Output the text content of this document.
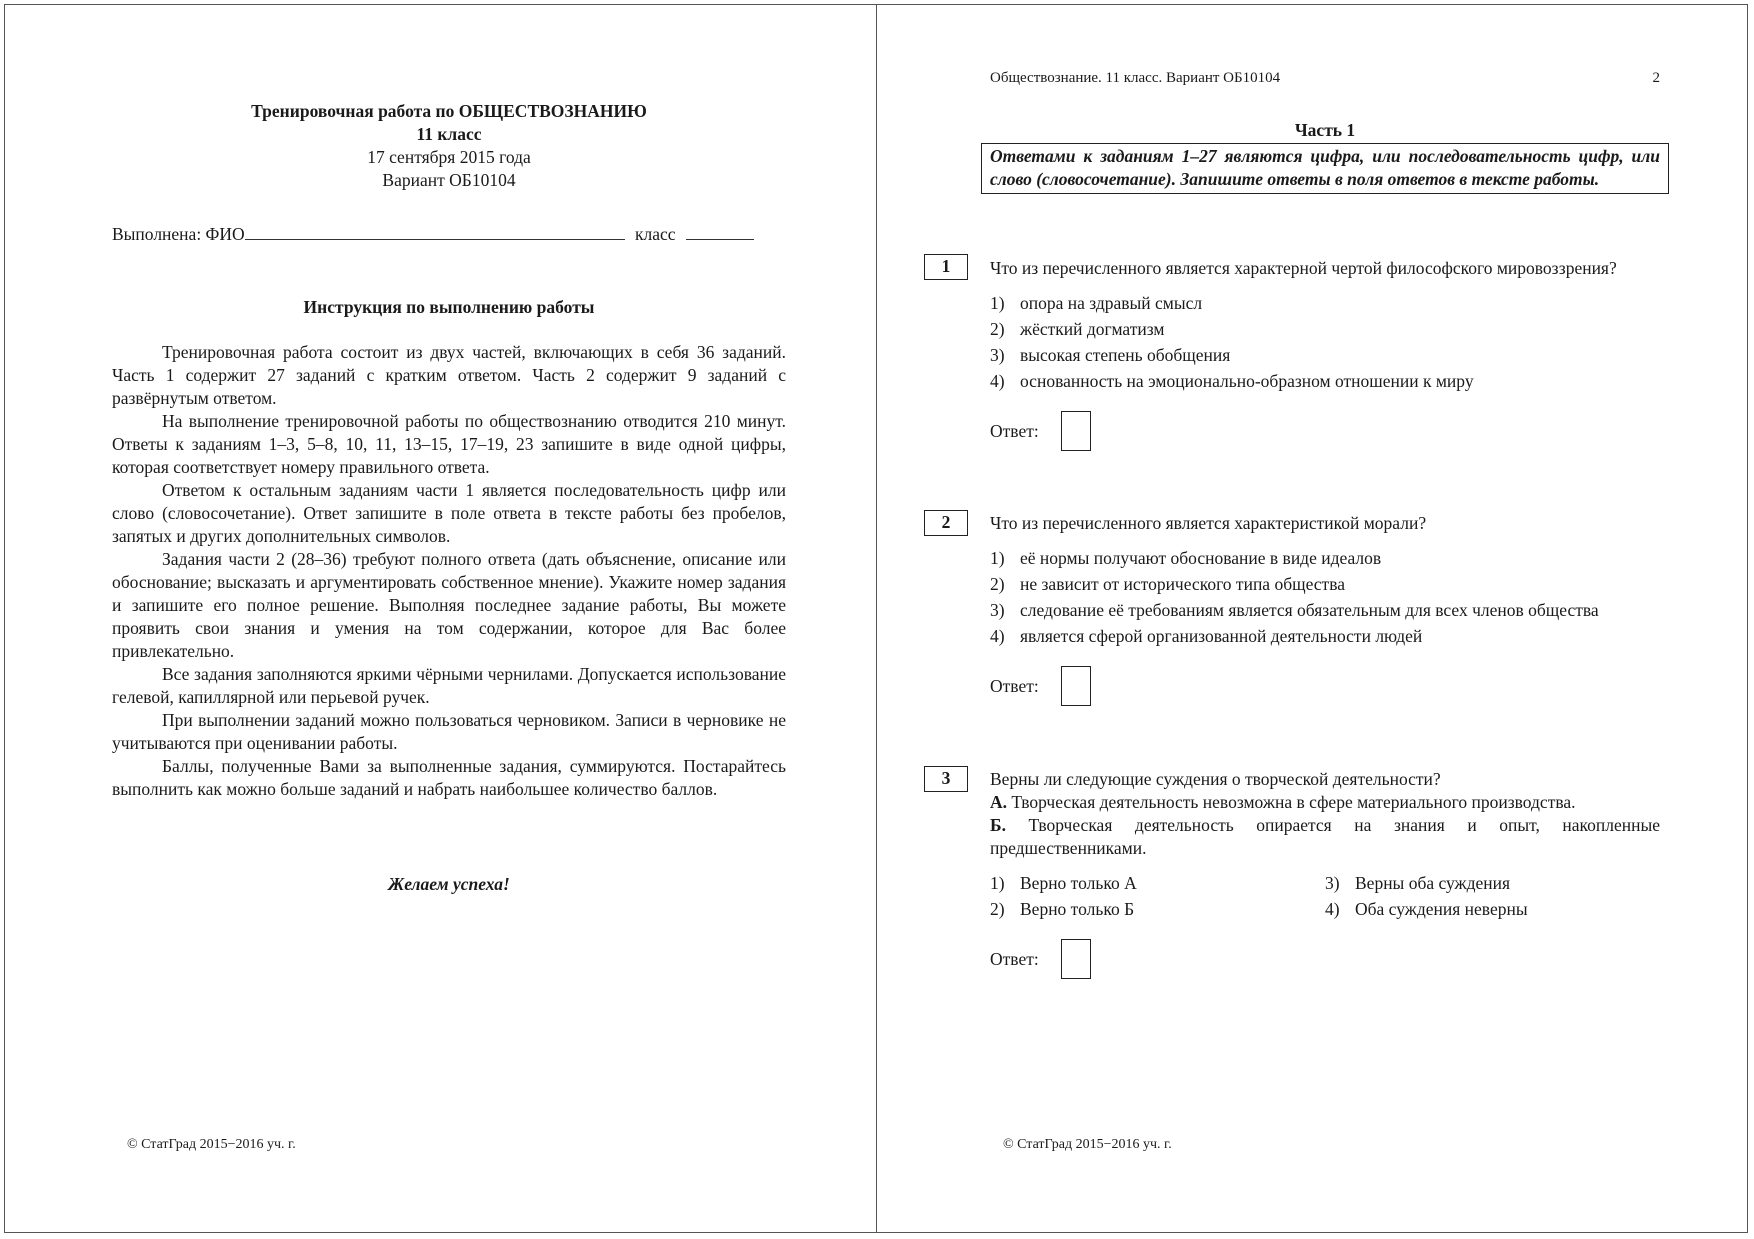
Тренировочная работа по ОБЩЕСТВОЗНАНИЮ
11 класс
17 сентября 2015 года
Вариант ОБ10104
Выполнена: ФИО	класс
Инструкция по выполнению работы

Тренировочная работа состоит из двух частей, включающих в себя 36 заданий. Часть 1 содержит 27 заданий с кратким ответом. Часть 2 содержит 9 заданий с развёрнутым ответом.

На выполнение тренировочной работы по обществознанию отводится 210 минут. Ответы к заданиям 1–3, 5–8, 10, 11, 13–15, 17–19, 23 запишите в виде одной цифры, которая соответствует номеру правильного ответа.

Ответом к остальным заданиям части 1 является последовательность цифр или слово (словосочетание). Ответ запишите в поле ответа в тексте работы без пробелов, запятых и других дополнительных символов.

Задания части 2 (28–36) требуют полного ответа (дать объяснение, описание или обоснование; высказать и аргументировать собственное мнение). Укажите номер задания и запишите его полное решение. Выполняя последнее задание работы, Вы можете проявить свои знания и умения на том содержании, которое для Вас более привлекательно.

Все задания заполняются яркими чёрными чернилами. Допускается использование гелевой, капиллярной или перьевой ручек.

При выполнении заданий можно пользоваться черновиком. Записи в черновике не учитываются при оценивании работы.

Баллы, полученные Вами за выполненные задания, суммируются. Постарайтесь выполнить как можно больше заданий и набрать наибольшее количество баллов.

Желаем успеха!
© СтатГрад 2015−2016 уч. г.
Обществознание. 11 класс. Вариант ОБ10104	2
Часть 1
Ответами к заданиям 1–27 являются цифра, или последовательность цифр, или слово (словосочетание). Запишите ответы в поля ответов в тексте работы.
1	Что из перечисленного является характерной чертой философского мировоззрения?
1) опора на здравый смысл
2) жёсткий догматизм
3) высокая степень обобщения
4) основанность на эмоционально-образном отношении к миру
Ответ:
2	Что из перечисленного является характеристикой морали?
1) её нормы получают обоснование в виде идеалов
2) не зависит от исторического типа общества
3) следование её требованиям является обязательным для всех членов общества
4) является сферой организованной деятельности людей
Ответ:
3	Верны ли следующие суждения о творческой деятельности?
А. Творческая деятельность невозможна в сфере материального производства.
Б. Творческая деятельность опирается на знания и опыт, накопленные предшественниками.
1) Верно только А	3) Верны оба суждения
2) Верно только Б	4) Оба суждения неверны
Ответ:
© СтатГрад 2015−2016 уч. г.
